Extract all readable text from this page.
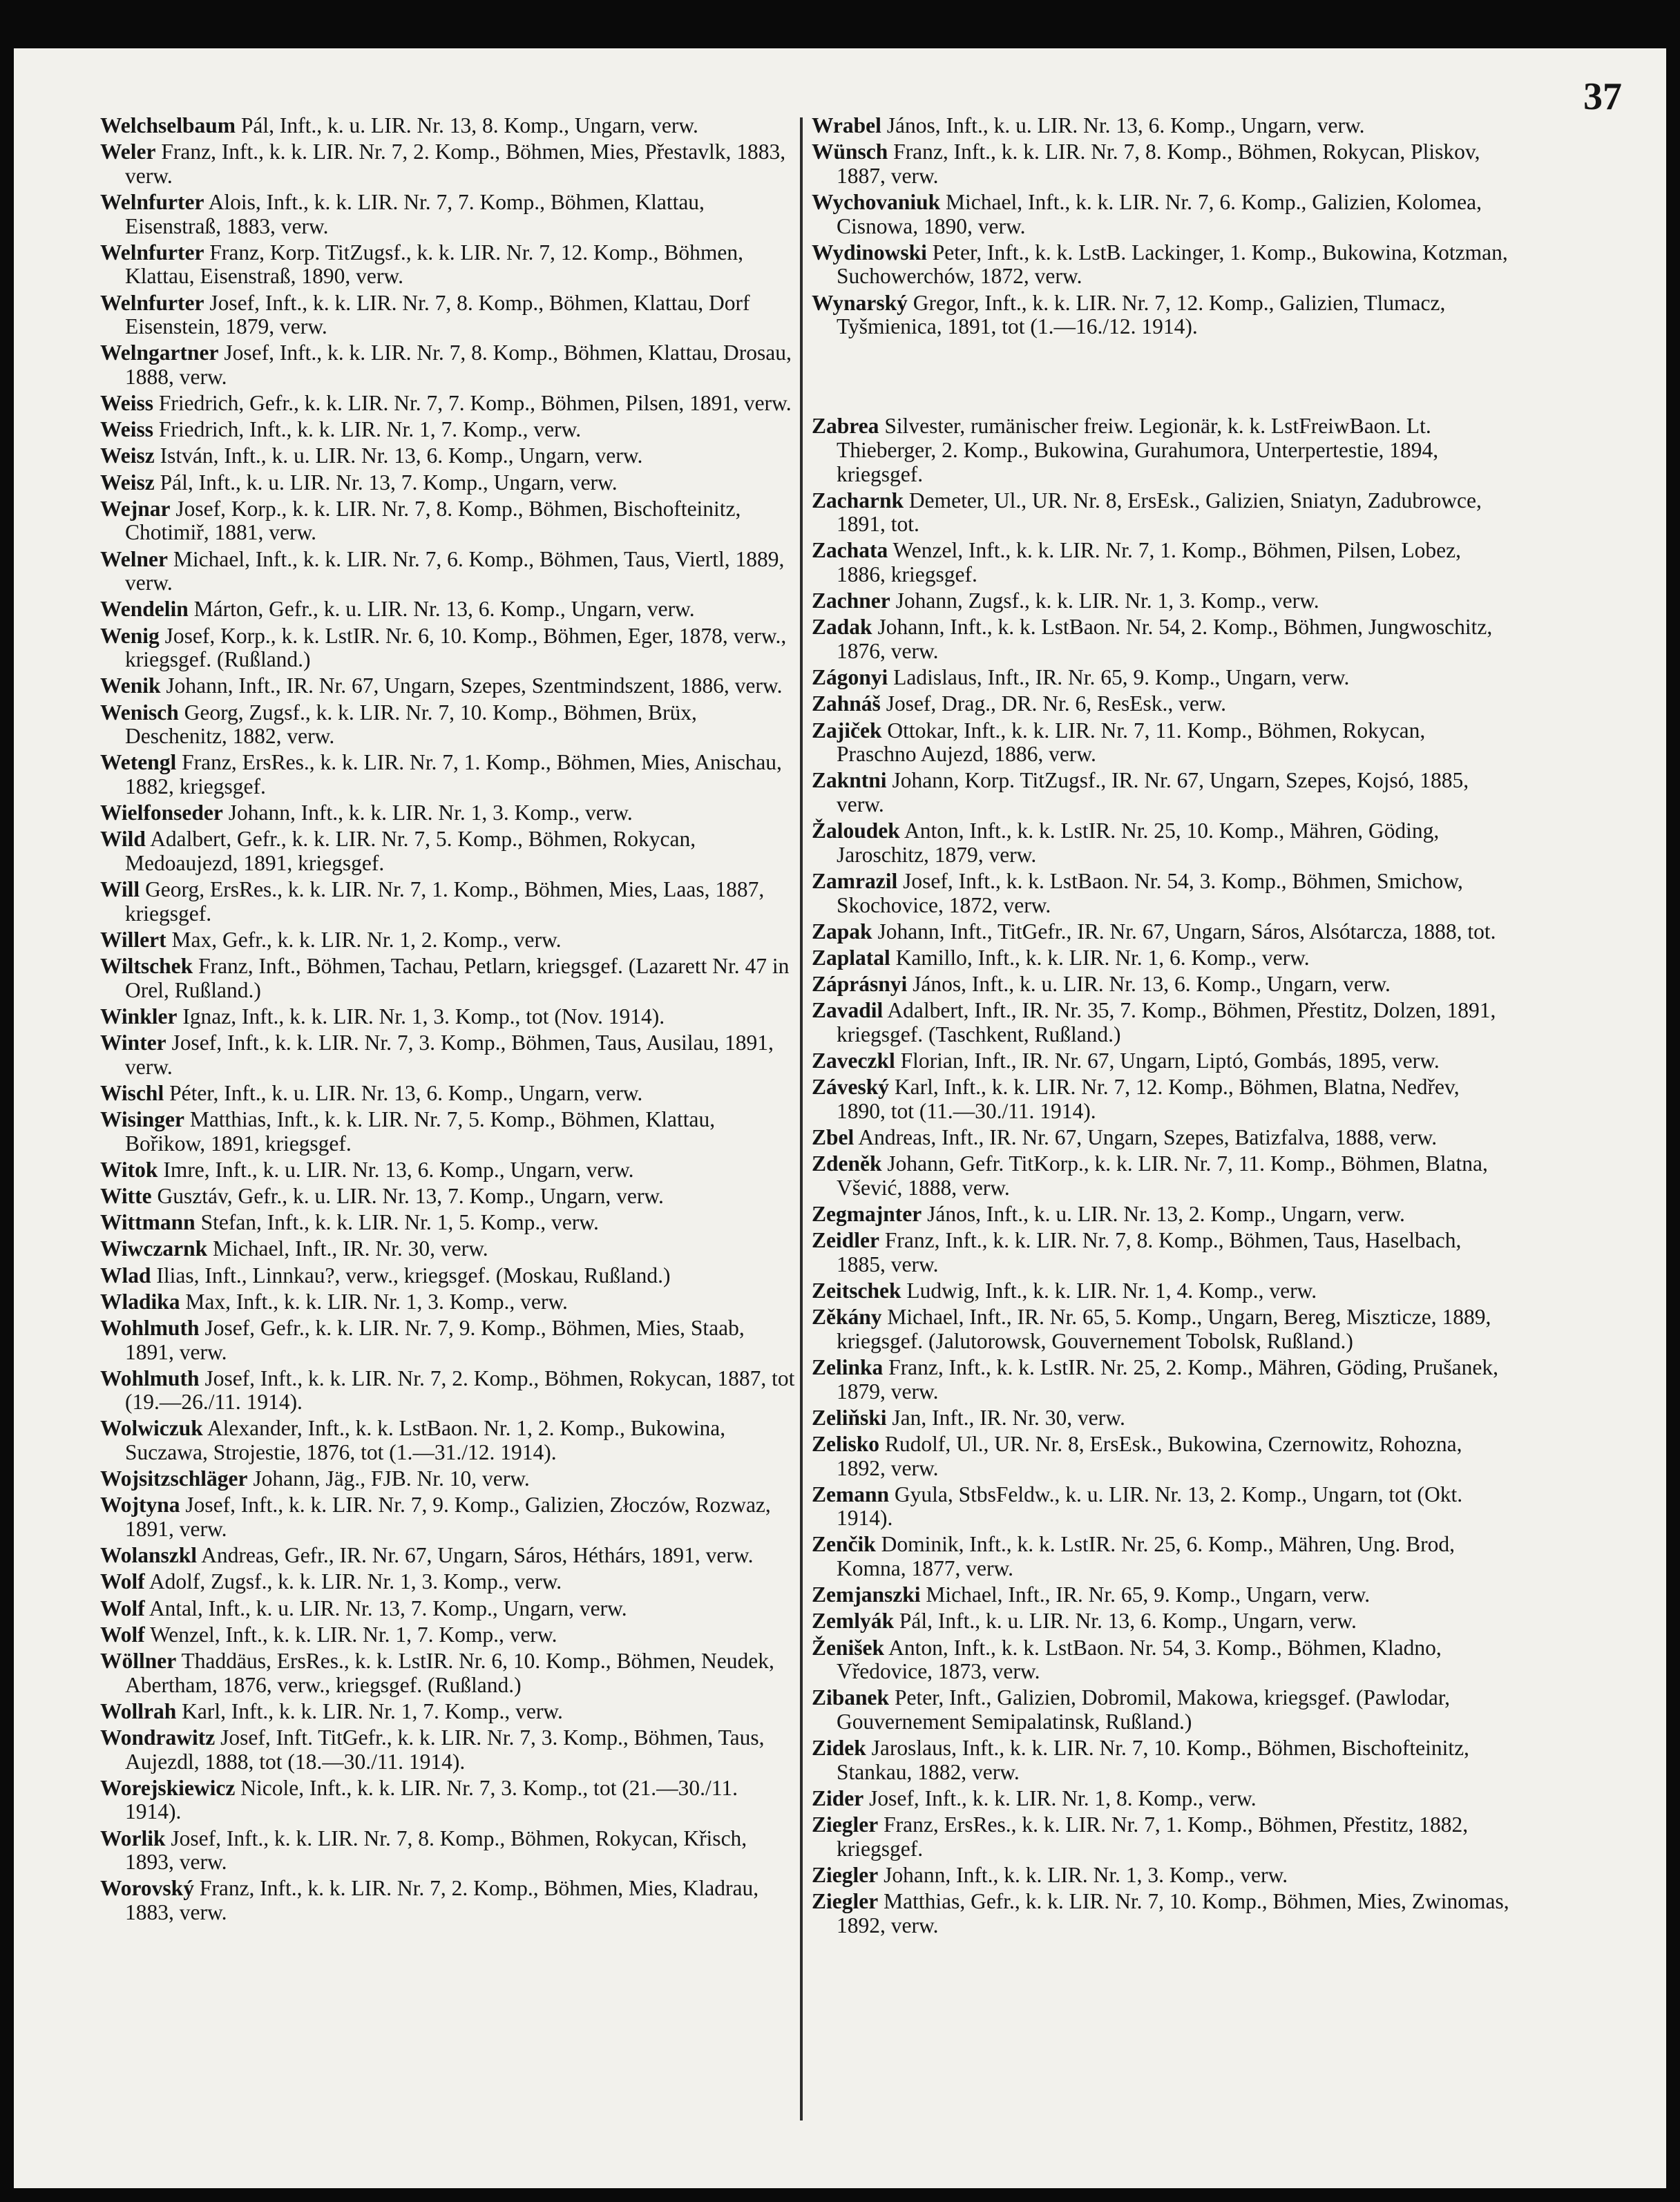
37
Welchselbaum Pál, Inft., k. u. LIR. Nr. 13, 8. Komp., Ungarn, verw.
Weler Franz, Inft., k. k. LIR. Nr. 7, 2. Komp., Böhmen, Mies, Přestavlk, 1883, verw.
Welnfurter Alois, Inft., k. k. LIR. Nr. 7, 7. Komp., Böhmen, Klattau, Eisenstraß, 1883, verw.
Welnfurter Franz, Korp. TitZugsf., k. k. LIR. Nr. 7, 12. Komp., Böhmen, Klattau, Eisenstraß, 1890, verw.
Welnfurter Josef, Inft., k. k. LIR. Nr. 7, 8. Komp., Böhmen, Klattau, Dorf Eisenstein, 1879, verw.
Welngartner Josef, Inft., k. k. LIR. Nr. 7, 8. Komp., Böhmen, Klattau, Drosau, 1888, verw.
Weiss Friedrich, Gefr., k. k. LIR. Nr. 7, 7. Komp., Böhmen, Pilsen, 1891, verw.
Weiss Friedrich, Inft., k. k. LIR. Nr. 1, 7. Komp., verw.
Weisz István, Inft., k. u. LIR. Nr. 13, 6. Komp., Ungarn, verw.
Weisz Pál, Inft., k. u. LIR. Nr. 13, 7. Komp., Ungarn, verw.
Wejnar Josef, Korp., k. k. LIR. Nr. 7, 8. Komp., Böhmen, Bischofteinitz, Chotimiř, 1881, verw.
Welner Michael, Inft., k. k. LIR. Nr. 7, 6. Komp., Böhmen, Taus, Viertl, 1889, verw.
Wendelin Márton, Gefr., k. u. LIR. Nr. 13, 6. Komp., Ungarn, verw.
Wenig Josef, Korp., k. k. LstIR. Nr. 6, 10. Komp., Böhmen, Eger, 1878, verw., kriegsgef. (Rußland.)
Wenik Johann, Inft., IR. Nr. 67, Ungarn, Szepes, Szentmindszent, 1886, verw.
Wenisch Georg, Zugsf., k. k. LIR. Nr. 7, 10. Komp., Böhmen, Brüx, Deschenitz, 1882, verw.
Wetengl Franz, ErsRes., k. k. LIR. Nr. 7, 1. Komp., Böhmen, Mies, Anischau, 1882, kriegsgef.
Wielfonseder Johann, Inft., k. k. LIR. Nr. 1, 3. Komp., verw.
Wild Adalbert, Gefr., k. k. LIR. Nr. 7, 5. Komp., Böhmen, Rokycan, Medoaujezd, 1891, kriegsgef.
Will Georg, ErsRes., k. k. LIR. Nr. 7, 1. Komp., Böhmen, Mies, Laas, 1887, kriegsgef.
Willert Max, Gefr., k. k. LIR. Nr. 1, 2. Komp., verw.
Wiltschek Franz, Inft., Böhmen, Tachau, Petlarn, kriegsgef. (Lazarett Nr. 47 in Orel, Rußland.)
Winkler Ignaz, Inft., k. k. LIR. Nr. 1, 3. Komp., tot (Nov. 1914).
Winter Josef, Inft., k. k. LIR. Nr. 7, 3. Komp., Böhmen, Taus, Ausilau, 1891, verw.
Wischl Péter, Inft., k. u. LIR. Nr. 13, 6. Komp., Ungarn, verw.
Wisinger Matthias, Inft., k. k. LIR. Nr. 7, 5. Komp., Böhmen, Klattau, Bořikow, 1891, kriegsgef.
Witok Imre, Inft., k. u. LIR. Nr. 13, 6. Komp., Ungarn, verw.
Witte Gusztáv, Gefr., k. u. LIR. Nr. 13, 7. Komp., Ungarn, verw.
Wittmann Stefan, Inft., k. k. LIR. Nr. 1, 5. Komp., verw.
Wiwczarnk Michael, Inft., IR. Nr. 30, verw.
Wlad Ilias, Inft., Linnkau?, verw., kriegsgef. (Moskau, Rußland.)
Wladika Max, Inft., k. k. LIR. Nr. 1, 3. Komp., verw.
Wohlmuth Josef, Gefr., k. k. LIR. Nr. 7, 9. Komp., Böhmen, Mies, Staab, 1891, verw.
Wohlmuth Josef, Inft., k. k. LIR. Nr. 7, 2. Komp., Böhmen, Rokycan, 1887, tot (19.—26./11. 1914).
Wolwiczuk Alexander, Inft., k. k. LstBaon. Nr. 1, 2. Komp., Bukowina, Suczawa, Strojestie, 1876, tot (1.—31./12. 1914).
Wojsitzschläger Johann, Jäg., FJB. Nr. 10, verw.
Wojtyna Josef, Inft., k. k. LIR. Nr. 7, 9. Komp., Galizien, Złoczów, Rozwaz, 1891, verw.
Wolanszkl Andreas, Gefr., IR. Nr. 67, Ungarn, Sáros, Héthárs, 1891, verw.
Wolf Adolf, Zugsf., k. k. LIR. Nr. 1, 3. Komp., verw.
Wolf Antal, Inft., k. u. LIR. Nr. 13, 7. Komp., Ungarn, verw.
Wolf Wenzel, Inft., k. k. LIR. Nr. 1, 7. Komp., verw.
Wöllner Thaddäus, ErsRes., k. k. LstIR. Nr. 6, 10. Komp., Böhmen, Neudek, Abertham, 1876, verw., kriegsgef. (Rußland.)
Wollrah Karl, Inft., k. k. LIR. Nr. 1, 7. Komp., verw.
Wondrawitz Josef, Inft. TitGefr., k. k. LIR. Nr. 7, 3. Komp., Böhmen, Taus, Aujezdl, 1888, tot (18.—30./11. 1914).
Worejskiewicz Nicole, Inft., k. k. LIR. Nr. 7, 3. Komp., tot (21.—30./11. 1914).
Worlik Josef, Inft., k. k. LIR. Nr. 7, 8. Komp., Böhmen, Rokycan, Křisch, 1893, verw.
Worovský Franz, Inft., k. k. LIR. Nr. 7, 2. Komp., Böhmen, Mies, Kladrau, 1883, verw.
Wrabel János, Inft., k. u. LIR. Nr. 13, 6. Komp., Ungarn, verw.
Wünsch Franz, Inft., k. k. LIR. Nr. 7, 8. Komp., Böhmen, Rokycan, Pliskov, 1887, verw.
Wychovaniuk Michael, Inft., k. k. LIR. Nr. 7, 6. Komp., Galizien, Kolomea, Cisnowa, 1890, verw.
Wydinowski Peter, Inft., k. k. LstB. Lackinger, 1. Komp., Bukowina, Kotzman, Suchowerchów, 1872, verw.
Wynarský Gregor, Inft., k. k. LIR. Nr. 7, 12. Komp., Galizien, Tlumacz, Tyšmienica, 1891, tot (1.—16./12. 1914).
Zabrea Silvester, rumänischer freiw. Legionär, k. k. LstFreiwBaon. Lt. Thieberger, 2. Komp., Bukowina, Gurahumora, Unterpertestie, 1894, kriegsgef.
Zacharnk Demeter, Ul., UR. Nr. 8, ErsEsk., Galizien, Sniatyn, Zadubrowce, 1891, tot.
Zachata Wenzel, Inft., k. k. LIR. Nr. 7, 1. Komp., Böhmen, Pilsen, Lobez, 1886, kriegsgef.
Zachner Johann, Zugsf., k. k. LIR. Nr. 1, 3. Komp., verw.
Zadak Johann, Inft., k. k. LstBaon. Nr. 54, 2. Komp., Böhmen, Jungwoschitz, 1876, verw.
Zágonyi Ladislaus, Inft., IR. Nr. 65, 9. Komp., Ungarn, verw.
Zahnáš Josef, Drag., DR. Nr. 6, ResEsk., verw.
Zajiček Ottokar, Inft., k. k. LIR. Nr. 7, 11. Komp., Böhmen, Rokycan, Praschno Aujezd, 1886, verw.
Zakntni Johann, Korp. TitZugsf., IR. Nr. 67, Ungarn, Szepes, Kojsó, 1885, verw.
Žaloudek Anton, Inft., k. k. LstIR. Nr. 25, 10. Komp., Mähren, Göding, Jaroschitz, 1879, verw.
Zamrazil Josef, Inft., k. k. LstBaon. Nr. 54, 3. Komp., Böhmen, Smichow, Skochovice, 1872, verw.
Zapak Johann, Inft., TitGefr., IR. Nr. 67, Ungarn, Sáros, Alsótarcza, 1888, tot.
Zaplatal Kamillo, Inft., k. k. LIR. Nr. 1, 6. Komp., verw.
Záprásnyi János, Inft., k. u. LIR. Nr. 13, 6. Komp., Ungarn, verw.
Zavadil Adalbert, Inft., IR. Nr. 35, 7. Komp., Böhmen, Přestitz, Dolzen, 1891, kriegsgef. (Taschkent, Rußland.)
Zaveczkl Florian, Inft., IR. Nr. 67, Ungarn, Liptó, Gombás, 1895, verw.
Záveský Karl, Inft., k. k. LIR. Nr. 7, 12. Komp., Böhmen, Blatna, Nedřev, 1890, tot (11.—30./11. 1914).
Zbel Andreas, Inft., IR. Nr. 67, Ungarn, Szepes, Batizfalva, 1888, verw.
Zdeněk Johann, Gefr. TitKorp., k. k. LIR. Nr. 7, 11. Komp., Böhmen, Blatna, Všević, 1888, verw.
Zegmajnter János, Inft., k. u. LIR. Nr. 13, 2. Komp., Ungarn, verw.
Zeidler Franz, Inft., k. k. LIR. Nr. 7, 8. Komp., Böhmen, Taus, Haselbach, 1885, verw.
Zeitschek Ludwig, Inft., k. k. LIR. Nr. 1, 4. Komp., verw.
Zěkány Michael, Inft., IR. Nr. 65, 5. Komp., Ungarn, Bereg, Miszticze, 1889, kriegsgef. (Jalutorowsk, Gouvernement Tobolsk, Rußland.)
Zelinka Franz, Inft., k. k. LstIR. Nr. 25, 2. Komp., Mähren, Göding, Prušanek, 1879, verw.
Zeliňski Jan, Inft., IR. Nr. 30, verw.
Zelisko Rudolf, Ul., UR. Nr. 8, ErsEsk., Bukowina, Czernowitz, Rohozna, 1892, verw.
Zemann Gyula, StbsFeldw., k. u. LIR. Nr. 13, 2. Komp., Ungarn, tot (Okt. 1914).
Zenčik Dominik, Inft., k. k. LstIR. Nr. 25, 6. Komp., Mähren, Ung. Brod, Komna, 1877, verw.
Zemjanszki Michael, Inft., IR. Nr. 65, 9. Komp., Ungarn, verw.
Zemlyák Pál, Inft., k. u. LIR. Nr. 13, 6. Komp., Ungarn, verw.
Ženišek Anton, Inft., k. k. LstBaon. Nr. 54, 3. Komp., Böhmen, Kladno, Vředovice, 1873, verw.
Zibanek Peter, Inft., Galizien, Dobromil, Makowa, kriegsgef. (Pawlodar, Gouvernement Semipalatinsk, Rußland.)
Zidek Jaroslaus, Inft., k. k. LIR. Nr. 7, 10. Komp., Böhmen, Bischofteinitz, Stankau, 1882, verw.
Zider Josef, Inft., k. k. LIR. Nr. 1, 8. Komp., verw.
Ziegler Franz, ErsRes., k. k. LIR. Nr. 7, 1. Komp., Böhmen, Přestitz, 1882, kriegsgef.
Ziegler Johann, Inft., k. k. LIR. Nr. 1, 3. Komp., verw.
Ziegler Matthias, Gefr., k. k. LIR. Nr. 7, 10. Komp., Böhmen, Mies, Zwinomas, 1892, verw.
